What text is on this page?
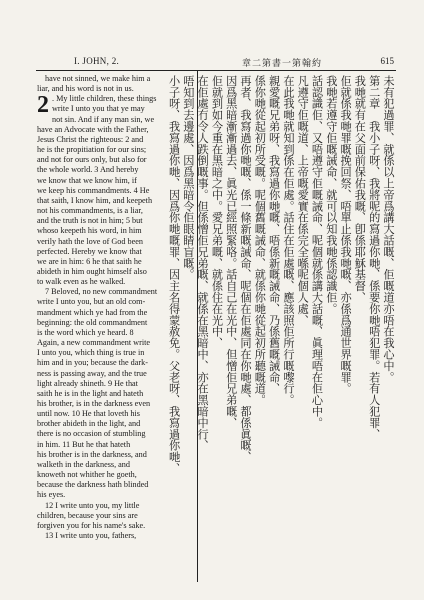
I. JOHN, 2.	章二第書一第翰約	615
have not sinned, we make him a
liar, and his word is not in us.
2 . My little children, these things
write I unto you that ye may
not sin. And if any man sin, we
have an Advocate with the Father,
Jesus Christ the righteous: 2 and
he is the propitiation for our sins;
and not for ours only, but also for
the whole world. 3 And hereby
we know that we know him, if
we keep his commandments. 4 He
that saith, I know him, and keepeth
not his commandments, is a liar,
and the truth is not in him; 5 but
whoso keepeth his word, in him
verily hath the love of God been
perfected. Hereby we know that
we are in him: 6 he that saith he
abideth in him ought himself also
to walk even as he walked.
7 Beloved, no new commandment
write I unto you, but an old com-
mandment which ye had from the
beginning: the old commandment
is the word which ye heard. 8
Again, a new commandment write
I unto you, which thing is true in
him and in you; because the dark-
ness is passing away, and the true
light already shineth. 9 He that
saith he is in the light and hateth
his brother, is in the darkness even
until now. 10 He that loveth his
brother abideth in the light, and
there is no occasion of stumbling
in him. 11 But he that hateth
his brother is in the darkness, and
walketh in the darkness, and
knoweth not whither he goeth,
because the darkness hath blinded
his eyes.
12 I write unto you, my little
children, because your sins are
forgiven you for his name's sake.
13 I write unto you, fathers,
未有犯過罪、就係以上帝爲講大話嘅、佢嘅道亦唔在我心中。
第二章　我小子呀、我將呢的寫過你哋、係要你哋唔犯罪。若有人犯罪、
我哋就有在父面前保佑我嘅、卽係耶穌基督、
佢就係我哋罪嘅挽回祭、唔單止係我哋嘅、亦係爲通世界嘅罪。
我哋若遵守佢嘅誡命、就可以知我哋係認識佢。
話認識佢、又唔遵守佢嘅誡命、呢個就係講大話嘅、眞理唔在佢心中。
凡遵守佢嘅道、上帝嘅愛實在係完全喺呢個人處、
在此我哋就知到係在佢處。話住在佢處嘅、應該照佢所行嘅嚟行。
親愛嘅兄弟呀、我寫過你哋嘅、唔係新嘅誡命、乃係舊嘅誡命、
係你哋從起初所受嘅。呢個舊嘅誡命、就係你哋從起初所聽嘅道。
再者、我寫過你哋嘅、係一條新嘅誡命、呢個在佢處同在你哋處、都係眞嘅、
因爲黑暗漸漸過去、眞光已經照緊咯。話自己在光中、但憎佢兄弟嘅、
佢就到如今重在黑暗之中。愛兄弟嘅、就係住在光中、
在佢處冇令人跌倒嘅事。但係憎佢兄弟嘅、就係在黑暗中、亦在黑暗中行、
唔知到去邊處、因爲黑暗令佢眼睛盲嘅。
小子呀、我寫過你哋、因爲你哋嘅罪、因主名得蒙赦免。父老呀、我寫過你哋、
